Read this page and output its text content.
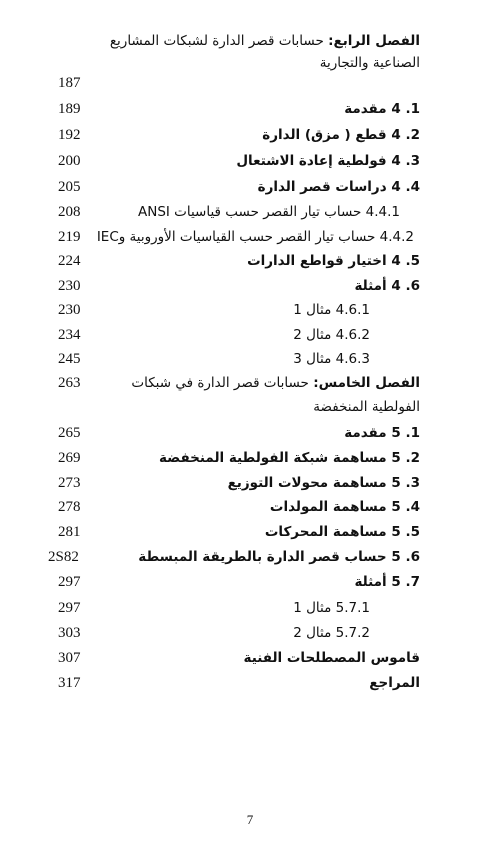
الفصل الرابع: حسابات قصر الدارة لشبكات المشاريع
الصناعية والتجارية
187
189	1. 4 مقدمة
192	2. 4 قطع ( مزق) الدارة
200	3. 4 فولطية إعادة الاشتعال
205	4. 4 دراسات قصر الدارة
208	4.4.1 حساب تيار القصر حسب قياسيات ANSI
219 4.4.2 حساب تيار القصر حسب القياسيات الأوروبية وIEC
224	5. 4 اختيار قواطع الدارات
230	6. 4 أمثلة
230	4.6.1 مثال 1
234	4.6.2 مثال 2
245	4.6.3 مثال 3
263	الفصل الخامس: حسابات قصر الدارة في شبكات
الفولطية المنخفضة
265	1. 5 مقدمة
269	2. 5 مساهمة شبكة الفولطية المنخفضة
273	3. 5 مساهمة محولات التوزيع
278	4. 5 مساهمة المولدات
281	5. 5 مساهمة المحركات
2S82	6. 5 حساب قصر الدارة بالطريقة المبسطة
297	7. 5 أمثلة
297	5.7.1 مثال 1
303	5.7.2 مثال 2
307	قاموس المصطلحات الفنية
317	المراجع
7
